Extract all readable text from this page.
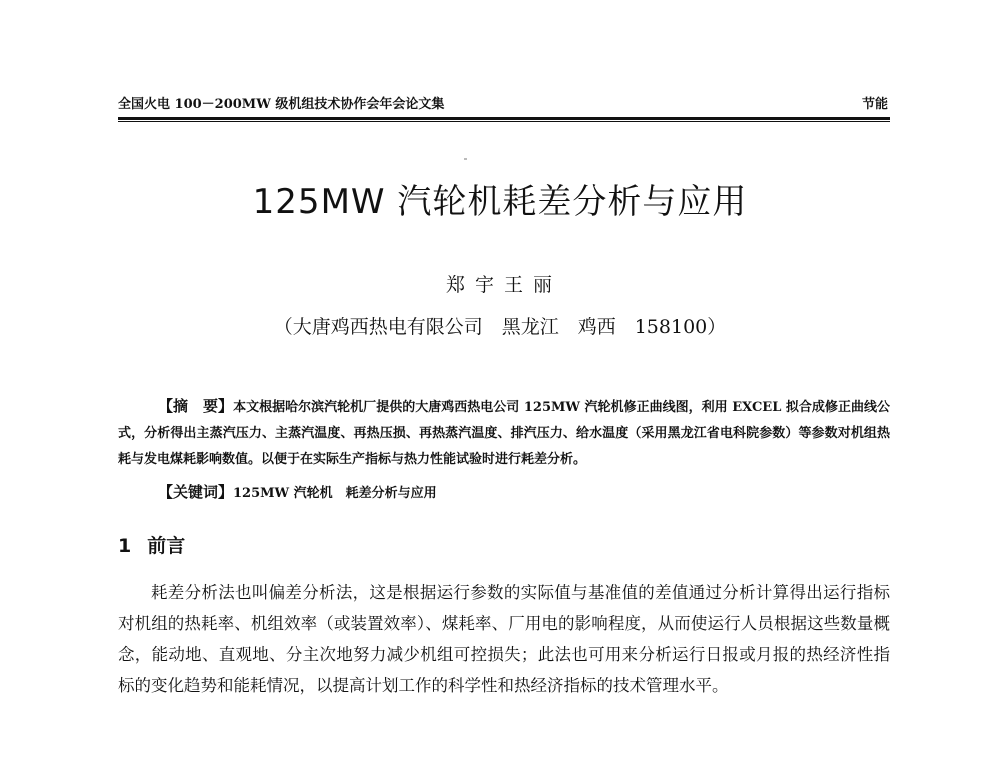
全国火电 100－200MW 级机组技术协作会年会论文集	节能
125MW 汽轮机耗差分析与应用
郑 宇 王 丽
（大唐鸡西热电有限公司　黑龙江　鸡西　158100）
【摘　要】本文根据哈尔滨汽轮机厂提供的大唐鸡西热电公司 125MW 汽轮机修正曲线图，利用 EXCEL 拟合成修正曲线公式，分析得出主蒸汽压力、主蒸汽温度、再热压损、再热蒸汽温度、排汽压力、给水温度（采用黑龙江省电科院参数）等参数对机组热耗与发电煤耗影响数值。以便于在实际生产指标与热力性能试验时进行耗差分析。
【关键词】125MW 汽轮机　耗差分析与应用
1 前言
耗差分析法也叫偏差分析法，这是根据运行参数的实际值与基准值的差值通过分析计算得出运行指标对机组的热耗率、机组效率（或装置效率）、煤耗率、厂用电的影响程度，从而使运行人员根据这些数量概念，能动地、直观地、分主次地努力减少机组可控损失；此法也可用来分析运行日报或月报的热经济性指标的变化趋势和能耗情况，以提高计划工作的科学性和热经济指标的技术管理水平。
